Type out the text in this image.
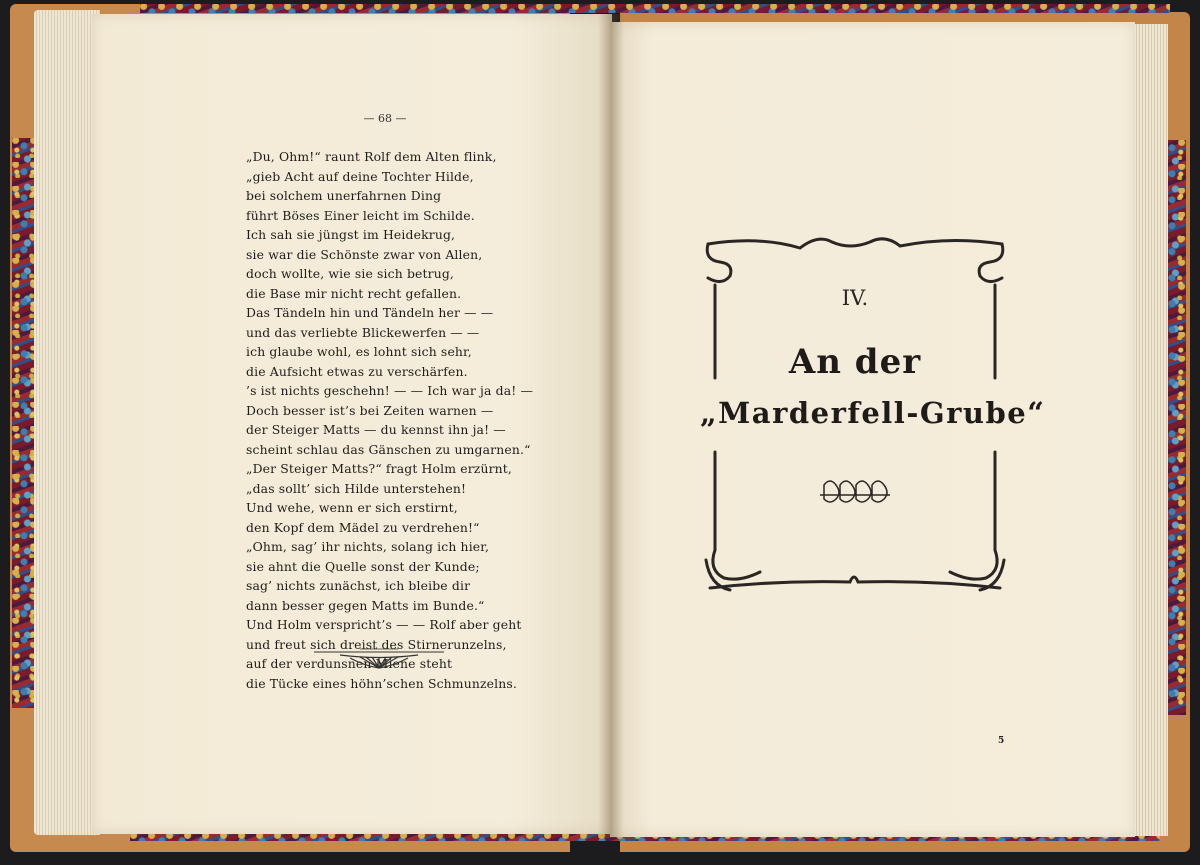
— 68 —
„Du, Ohm!“ raunt Rolf dem Alten flink,
„gieb Acht auf deine Tochter Hilde,
bei solchem unerfahrnen Ding
führt Böses Einer leicht im Schilde.
Ich sah sie jüngst im Heidekrug,
sie war die Schönste zwar von Allen,
doch wollte, wie sie sich betrug,
die Base mir nicht recht gefallen.
Das Tändeln hin und Tändeln her — —
und das verliebte Blickewerfen — —
ich glaube wohl, es lohnt sich sehr,
die Aufsicht etwas zu verschärfen.
’s ist nichts geschehn! — — Ich war ja da! —
Doch besser ist’s bei Zeiten warnen —
der Steiger Matts — du kennst ihn ja! —
scheint schlau das Gänschen zu umgarnen.“
„Der Steiger Matts?“ fragt Holm erzürnt,
„das sollt’ sich Hilde unterstehen!
Und wehe, wenn er sich erstirnt,
den Kopf dem Mädel zu verdrehen!“
„Ohm, sag’ ihr nichts, solang ich hier,
sie ahnt die Quelle sonst der Kunde;
sag’ nichts zunächst, ich bleibe dir
dann besser gegen Matts im Bunde.“
Und Holm verspricht’s — — Rolf aber geht
und freut sich dreist des Stirnerunzelns,
auf der verdunsnen Miene steht
die Tücke eines höhn’schen Schmunzelns.
IV.
An der
„Marderfell-Grube“
5
